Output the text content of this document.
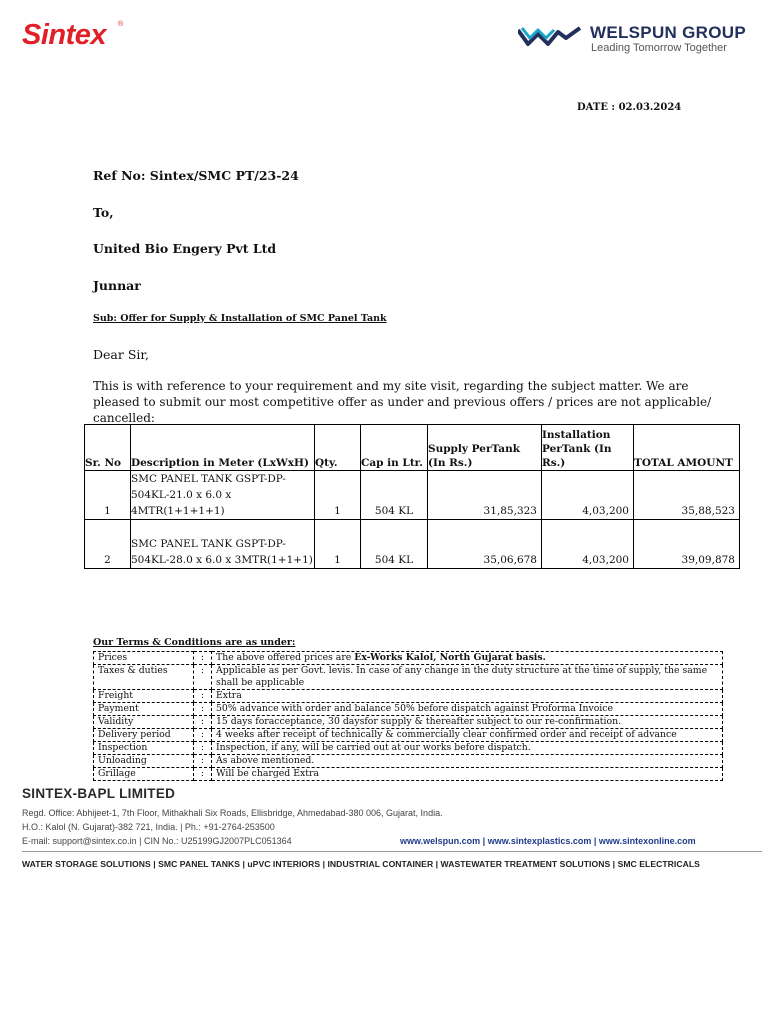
Sintex ®	WELSPUN GROUP
Leading Tomorrow Together
DATE : 02.03.2024
Ref No: Sintex/SMC PT/23-24
To,
United Bio Engery Pvt Ltd
Junnar
Sub: Offer for Supply & Installation of SMC Panel Tank
Dear Sir,
This is with reference to your requirement and my site visit, regarding the subject matter. We are pleased to submit our most competitive offer as under and previous offers / prices are not applicable/ cancelled:
Sr. No	Description in Meter (LxWxH)	Qty.	Cap in Ltr.	Supply PerTank (In Rs.)	Installation PerTank (In Rs.)	TOTAL AMOUNT
1	SMC PANEL TANK GSPT-DP-504KL-21.0 x 6.0 x 4MTR(1+1+1+1)	1	504 KL	31,85,323	4,03,200	35,88,523
2	SMC PANEL TANK GSPT-DP-504KL-28.0 x 6.0 x 3MTR(1+1+1)	1	504 KL	35,06,678	4,03,200	39,09,878
Our Terms & Conditions are as under:
Prices	:	The above offered prices are Ex-Works Kalol, North Gujarat basis.
Taxes & duties	:	Applicable as per Govt. levis. In case of any change in the duty structure at the time of supply, the same shall be applicable
Freight	:	Extra
Payment	:	50% advance with order and balance 50% before dispatch against Proforma Invoice
Validity	:	15 days foracceptance, 30 daysfor supply & thereafter subject to our re-confirmation.
Delivery period	:	4 weeks after receipt of technically & commercially clear confirmed order and receipt of advance
Inspection	:	Inspection, if any, will be carried out at our works before dispatch.
Unloading	:	As above mentioned.
Grillage	:	Will be charged Extra
SINTEX-BAPL LIMITED
Regd. Office: Abhijeet-1, 7th Floor, Mithakhali Six Roads, Ellisbridge, Ahmedabad-380 006, Gujarat, India.
H.O.: Kalol (N. Gujarat)-382 721, India. | Ph.: +91-2764-253500
E-mail: support@sintex.co.in | CIN No.: U25199GJ2007PLC051364	www.welspun.com | www.sintexplastics.com | www.sintexonline.com
WATER STORAGE SOLUTIONS | SMC PANEL TANKS | uPVC INTERIORS | INDUSTRIAL CONTAINER | WASTEWATER TREATMENT SOLUTIONS | SMC ELECTRICALS
